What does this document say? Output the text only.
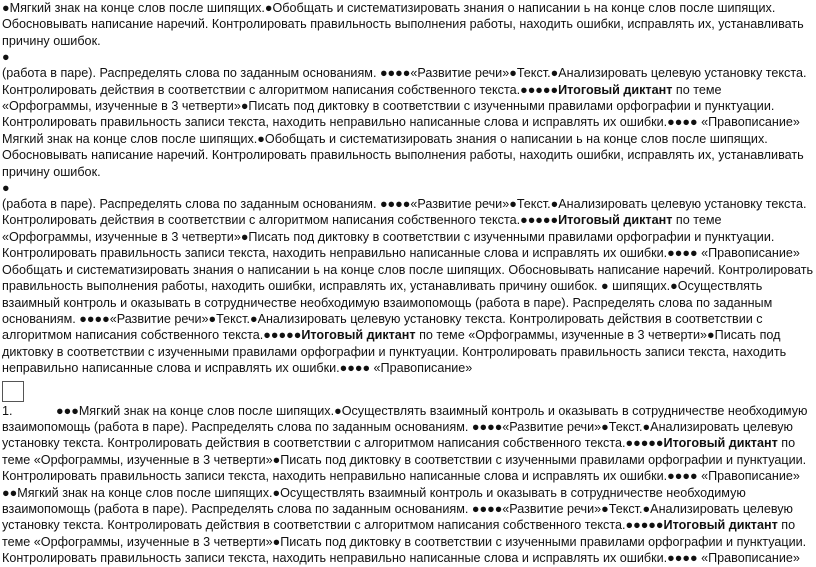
●Мягкий знак на конце слов после шипящих.●Обобщать и систематизировать знания о написании ь на конце слов после шипящих. Обосновывать написание наречий. Контролировать правильность выполнения работы, находить ошибки, исправлять их, устанавливать причину ошибок.
●
(работа в паре). Распределять слова по заданным основаниям. ●●●●«Развитие речи»●Текст.●Анализировать целевую установку текста. Контролировать действия в соответствии с алгоритмом написания собственного текста.●●●●●Итоговый диктант по теме «Орфограммы, изученные в 3 четверти»●Писать под диктовку в соответствии с изученными правилами орфографии и пунктуации. Контролировать правильность записи текста, находить неправильно написанные слова и исправлять их ошибки.●●●● «Правописание»
Мягкий знак на конце слов после шипящих.●Обобщать и систематизировать знания о написании ь на конце слов после шипящих. Обосновывать написание наречий. Контролировать правильность выполнения работы, находить ошибки, исправлять их, устанавливать причину ошибок.
●
(работа в паре). Распределять слова по заданным основаниям. ●●●●«Развитие речи»●Текст.●Анализировать целевую установку текста. Контролировать действия в соответствии с алгоритмом написания собственного текста.●●●●●Итоговый диктант по теме «Орфограммы, изученные в 3 четверти»●Писать под диктовку в соответствии с изученными правилами орфографии и пунктуации. Контролировать правильность записи текста, находить неправильно написанные слова и исправлять их ошибки.●●●● «Правописание»
Обобщать и систематизировать знания о написании ь на конце слов после шипящих. Обосновывать написание наречий. Контролировать правильность выполнения работы, находить ошибки, исправлять их, устанавливать причину ошибок. ● шипящих.●Осуществлять взаимный контроль и оказывать в сотрудничестве необходимую взаимопомощь (работа в паре). Распределять слова по заданным основаниям. ●●●●«Развитие речи»●Текст.●Анализировать целевую установку текста. Контролировать действия в соответствии с алгоритмом написания собственного текста.●●●●●Итоговый диктант по теме «Орфограммы, изученные в 3 четверти»●Писать под диктовку в соответствии с изученными правилами орфографии и пунктуации. Контролировать правильность записи текста, находить неправильно написанные слова и исправлять их ошибки.●●●● «Правописание»
1.	●●●Мягкий знак на конце слов после шипящих.●Осуществлять взаимный контроль и оказывать в сотрудничестве необходимую взаимопомощь (работа в паре). Распределять слова по заданным основаниям. ●●●●«Развитие речи»●Текст.●Анализировать целевую установку текста. Контролировать действия в соответствии с алгоритмом написания собственного текста.●●●●●Итоговый диктант по теме «Орфограммы, изученные в 3 четверти»●Писать под диктовку в соответствии с изученными правилами орфографии и пунктуации. Контролировать правильность записи текста, находить неправильно написанные слова и исправлять их ошибки.●●●● «Правописание»
●●Мягкий знак на конце слов после шипящих.●Осуществлять взаимный контроль и оказывать в сотрудничестве необходимую взаимопомощь (работа в паре). Распределять слова по заданным основаниям. ●●●●«Развитие речи»●Текст.●Анализировать целевую установку текста. Контролировать действия в соответствии с алгоритмом написания собственного текста.●●●●●Итоговый диктант по теме «Орфограммы, изученные в 3 четверти»●Писать под диктовку в соответствии с изученными правилами орфографии и пунктуации. Контролировать правильность записи текста, находить неправильно написанные слова и исправлять их ошибки.●●●● «Правописание»
